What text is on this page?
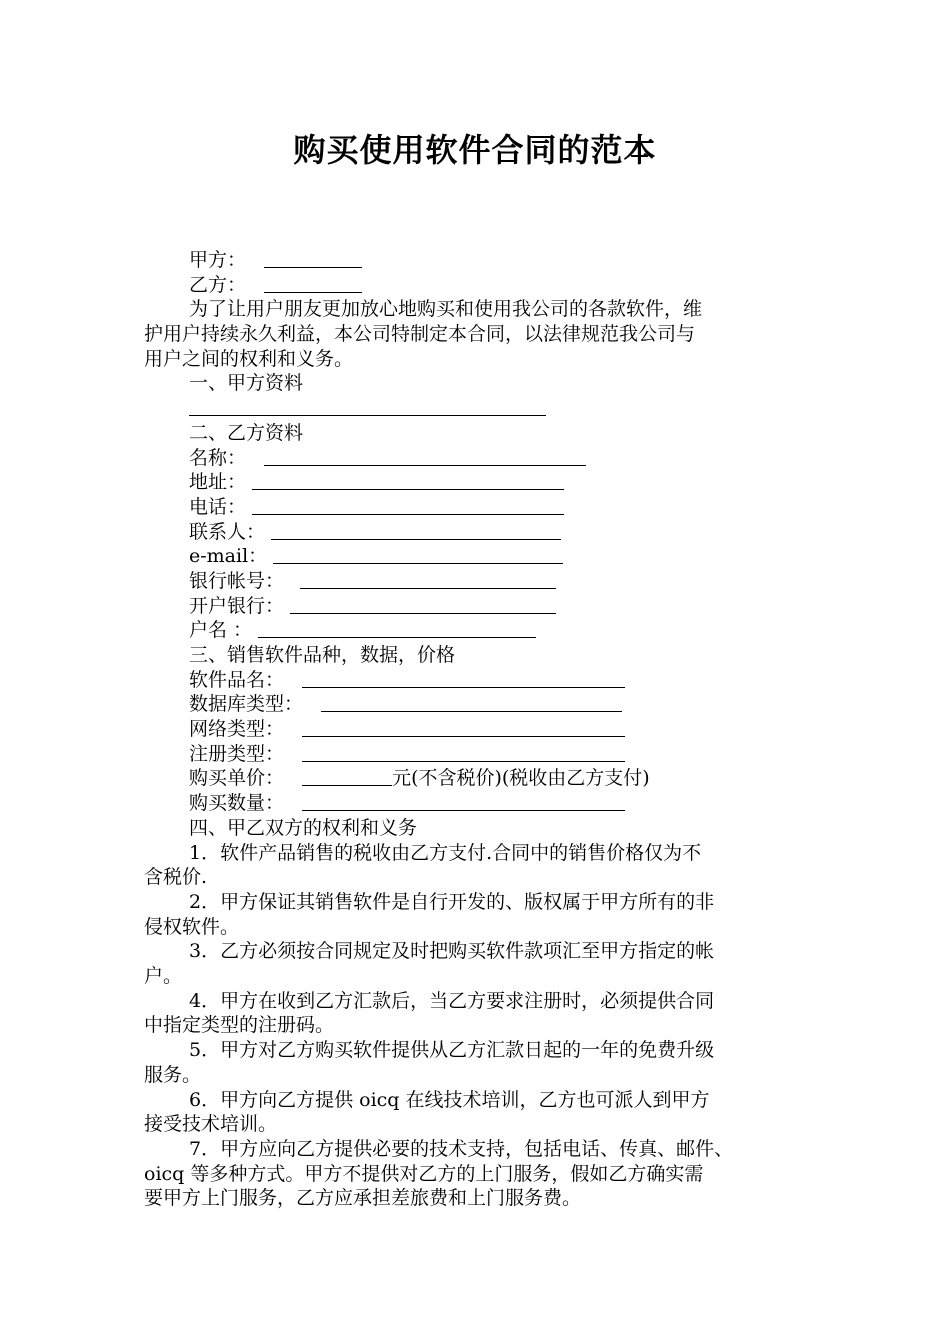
购买使用软件合同的范本
甲方：
乙方：
为了让用户朋友更加放心地购买和使用我公司的各款软件，维
护用户持续永久利益，本公司特制定本合同，以法律规范我公司与
用户之间的权利和义务。
一、甲方资料
二、乙方资料
名称：
地址：
电话：
联系人：
e-mail：
银行帐号：
开户银行：
户名 ：
三、销售软件品种，数据，价格
软件品名：
数据库类型：
网络类型：
注册类型：
购买单价：	元(不含税价)(税收由乙方支付)
购买数量：
四、甲乙双方的权利和义务
1．软件产品销售的税收由乙方支付.合同中的销售价格仅为不
含税价.
2．甲方保证其销售软件是自行开发的、版权属于甲方所有的非
侵权软件。
3．乙方必须按合同规定及时把购买软件款项汇至甲方指定的帐
户。
4．甲方在收到乙方汇款后，当乙方要求注册时，必须提供合同
中指定类型的注册码。
5．甲方对乙方购买软件提供从乙方汇款日起的一年的免费升级
服务。
6．甲方向乙方提供 oicq 在线技术培训，乙方也可派人到甲方
接受技术培训。
7．甲方应向乙方提供必要的技术支持，包括电话、传真、邮件、
oicq 等多种方式。甲方不提供对乙方的上门服务，假如乙方确实需
要甲方上门服务，乙方应承担差旅费和上门服务费。
